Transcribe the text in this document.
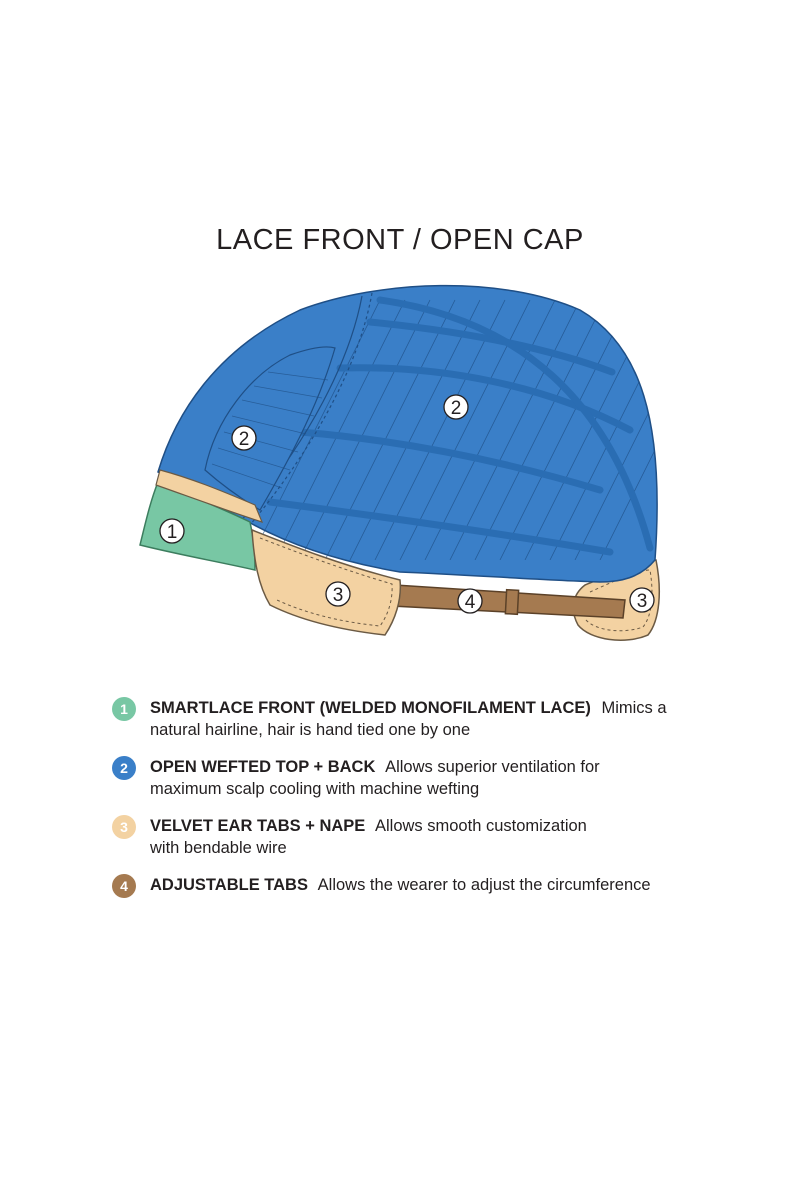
LACE FRONT / OPEN CAP
1
2
2
3	4	3
1	SMARTLACE FRONT (WELDED MONOFILAMENT LACE) Mimics a
natural hairline, hair is hand tied one by one
2	OPEN WEFTED TOP + BACK Allows superior ventilation for
maximum scalp cooling with machine wefting
3	VELVET EAR TABS + NAPE Allows smooth customization
with bendable wire
4	ADJUSTABLE TABS Allows the wearer to adjust the circumference
